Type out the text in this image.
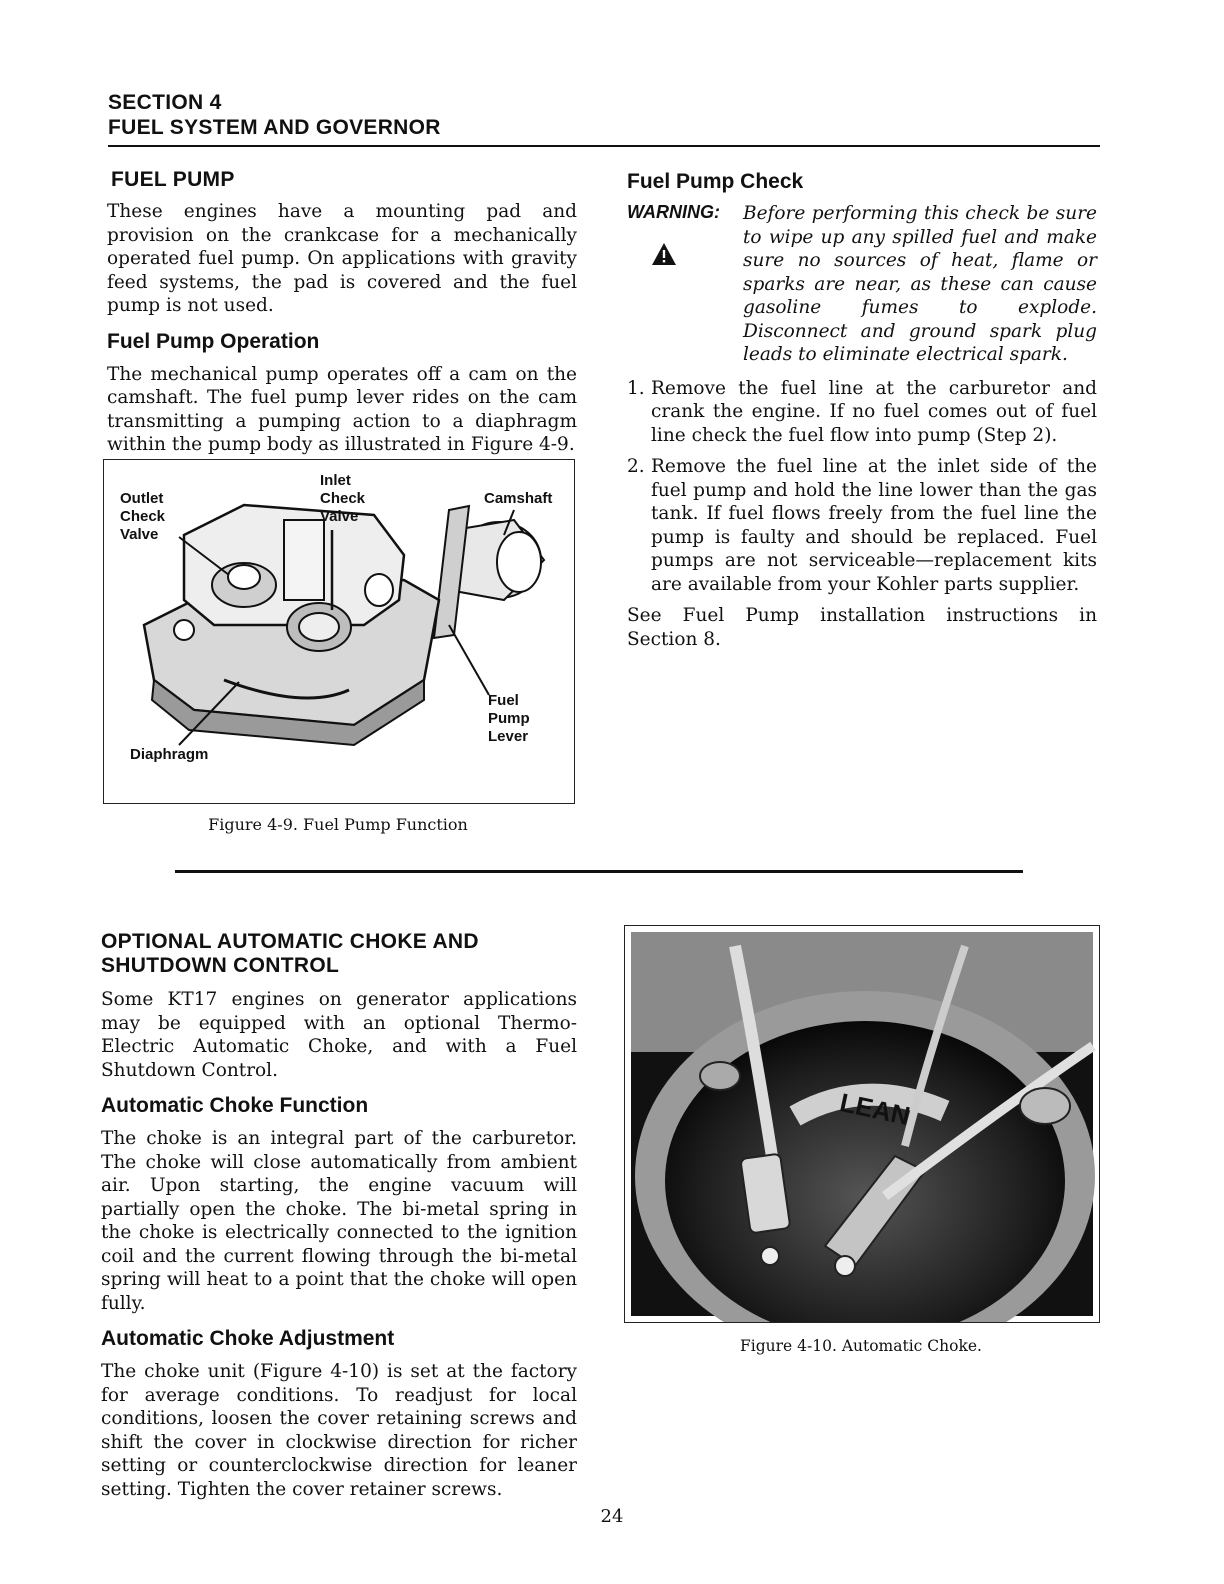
SECTION 4
FUEL SYSTEM AND GOVERNOR
FUEL PUMP

These engines have a mounting pad and provision on the crankcase for a mechanically operated fuel pump. On applications with gravity feed systems, the pad is covered and the fuel pump is not used.

Fuel Pump Operation

The mechanical pump operates off a cam on the camshaft. The fuel pump lever rides on the cam transmitting a pumping action to a diaphragm within the pump body as illustrated in Figure 4-9.

Outlet
Check
Valve
Inlet
Check
Valve
Camshaft
Fuel
Pump
Lever
Diaphragm
Figure 4-9. Fuel Pump Function
Fuel Pump Check
WARNING:	Before performing this check be sure to wipe up any spilled fuel and make sure no sources of heat, flame or sparks are near, as these can cause gasoline fumes to explode. Disconnect and ground spark plug leads to eliminate electrical spark.
1. Remove the fuel line at the carburetor and crank the engine. If no fuel comes out of fuel line check the fuel flow into pump (Step 2).
2. Remove the fuel line at the inlet side of the fuel pump and hold the line lower than the gas tank. If fuel flows freely from the fuel line the pump is faulty and should be replaced. Fuel pumps are not serviceable—replacement kits are available from your Kohler parts supplier.

See Fuel Pump installation instructions in Section 8.

OPTIONAL AUTOMATIC CHOKE AND
SHUTDOWN CONTROL

Some KT17 engines on generator applications may be equipped with an optional Thermo-Electric Automatic Choke, and with a Fuel Shutdown Control.

Automatic Choke Function

The choke is an integral part of the carburetor. The choke will close automatically from ambient air. Upon starting, the engine vacuum will partially open the choke. The bi-metal spring in the choke is electrically connected to the ignition coil and the current flowing through the bi-metal spring will heat to a point that the choke will open fully.

Automatic Choke Adjustment

The choke unit (Figure 4-10) is set at the factory for average conditions. To readjust for local conditions, loosen the cover retaining screws and shift the cover in clockwise direction for richer setting or counterclockwise direction for leaner setting. Tighten the cover retainer screws.

LEAN
Figure 4-10. Automatic Choke.
24
